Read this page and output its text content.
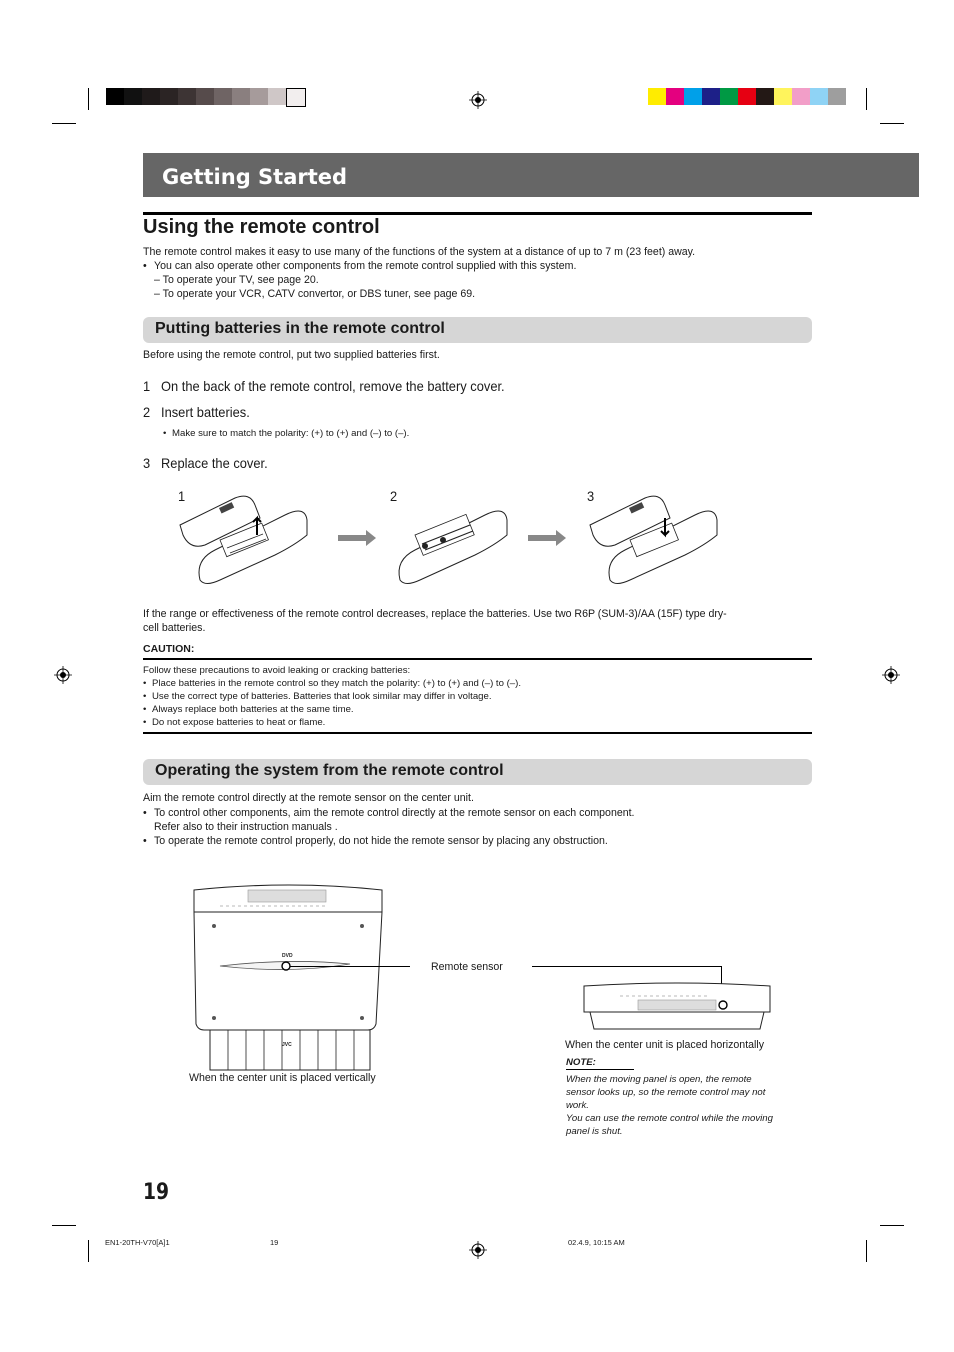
Getting Started
Using the remote control
The remote control makes it easy to use many of the functions of the system at a distance of up to 7 m (23 feet) away.
• You can also operate other components from the remote control supplied with this system.
– To operate your TV, see page 20.
– To operate your VCR, CATV convertor, or DBS tuner, see page 69.
Putting batteries in the remote control
Before using the remote control, put two supplied batteries first.
1 On the back of the remote control, remove the battery cover.
2 Insert batteries.
• Make sure to match the polarity: (+) to (+) and (–) to (–).
3 Replace the cover.
1	2	3
If the range or effectiveness of the remote control decreases, replace the batteries. Use two R6P (SUM-3)/AA (15F) type dry-
cell batteries.
CAUTION:
Follow these precautions to avoid leaking or cracking batteries:
• Place batteries in the remote control so they match the polarity: (+) to (+) and (–) to (–).
• Use the correct type of batteries. Batteries that look similar may differ in voltage.
• Always replace both batteries at the same time.
• Do not expose batteries to heat or flame.
Operating the system from the remote control
Aim the remote control directly at the remote sensor on the center unit.
• To control other components, aim the remote control directly at the remote sensor on each component.
Refer also to their instruction manuals .
• To operate the remote control properly, do not hide the remote sensor by placing any obstruction.
DVD
JVC
Remote sensor
When the center unit is placed vertically
When the center unit is placed horizontally
NOTE:
When the moving panel is open, the remote
sensor looks up, so the remote control may not
work.
You can use the remote control while the moving
panel is shut.
19
EN1-20TH-V70[A]1	19	02.4.9, 10:15 AM
